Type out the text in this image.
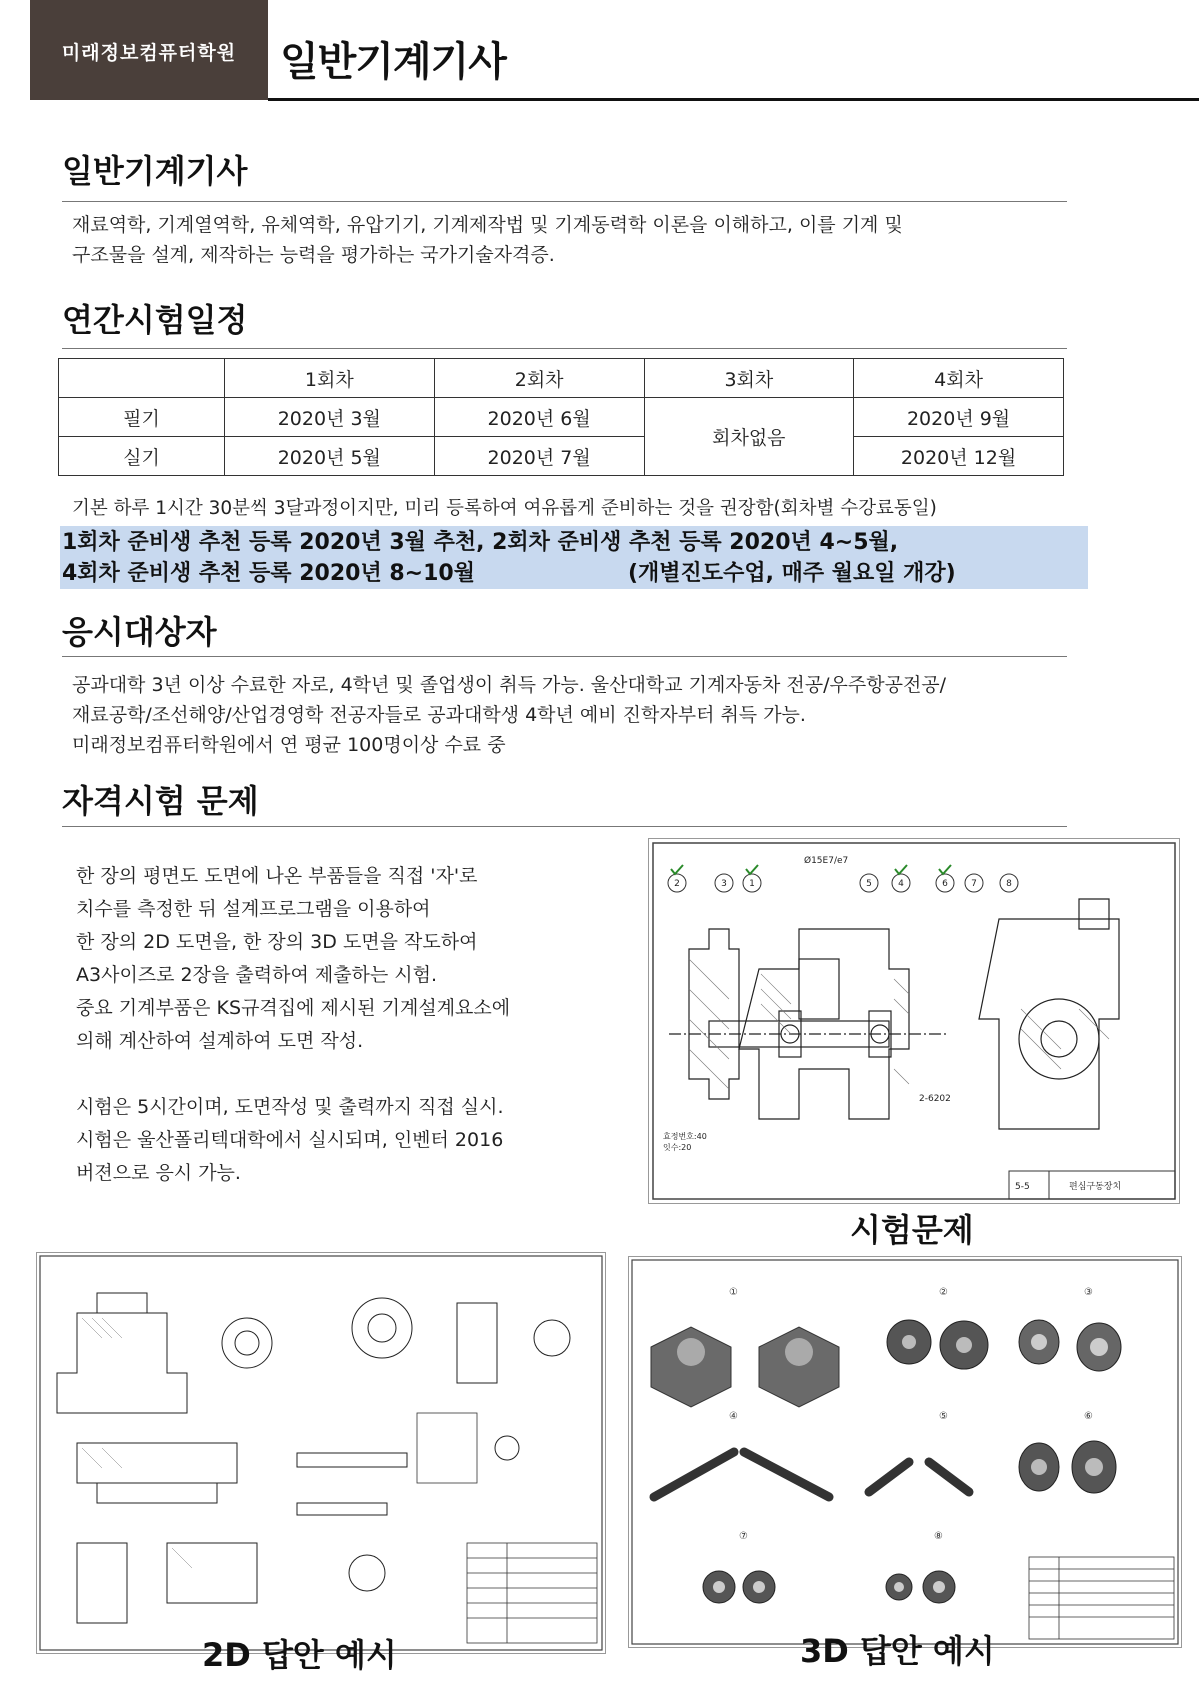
미래정보컴퓨터학원	일반기계기사
일반기계기사
재료역학, 기계열역학, 유체역학, 유압기기, 기계제작법 및 기계동력학 이론을 이해하고, 이를 기계 및
구조물을 설계, 제작하는 능력을 평가하는 국가기술자격증.
연간시험일정
	1회차	2회차	3회차	4회차
필기	2020년 3월	2020년 6월	회차없음	2020년 9월
실기	2020년 5월	2020년 7월		2020년 12월
기본 하루 1시간 30분씩 3달과정이지만, 미리 등록하여 여유롭게 준비하는 것을 권장함(회차별 수강료동일)
1회차 준비생 추천 등록 2020년 3월 추천, 2회차 준비생 추천 등록 2020년 4~5월,
4회차 준비생 추천 등록 2020년 8~10월	(개별진도수업, 매주 월요일 개강)
응시대상자
공과대학 3년 이상 수료한 자로, 4학년 및 졸업생이 취득 가능. 울산대학교 기계자동차 전공/우주항공전공/
재료공학/조선해양/산업경영학 전공자들로 공과대학생 4학년 예비 진학자부터 취득 가능.
미래정보컴퓨터학원에서 연 평균 100명이상 수료 중
자격시험 문제
한 장의 평면도 도면에 나온 부품들을 직접 '자'로
치수를 측정한 뒤 설계프로그램을 이용하여
한 장의 2D 도면을, 한 장의 3D 도면을 작도하여
A3사이즈로 2장을 출력하여 제출하는 시험.
중요 기계부품은 KS규격집에 제시된 기계설계요소에
의해 계산하여 설계하여 도면 작성.
시험은 5시간이며, 도면작성 및 출력까지 직접 실시.
시험은 울산폴리텍대학에서 실시되며, 인벤터 2016
버젼으로 응시 가능.
2	3 1	5	4	6	7	8
Ø15E7/e7
2-6202
효정번호:40
잇수:20
5-5	편심구동장치
시험문제
2D 답안 예시
①	②	③
④	⑤	⑥
⑦	⑧
3D 답안 예시
